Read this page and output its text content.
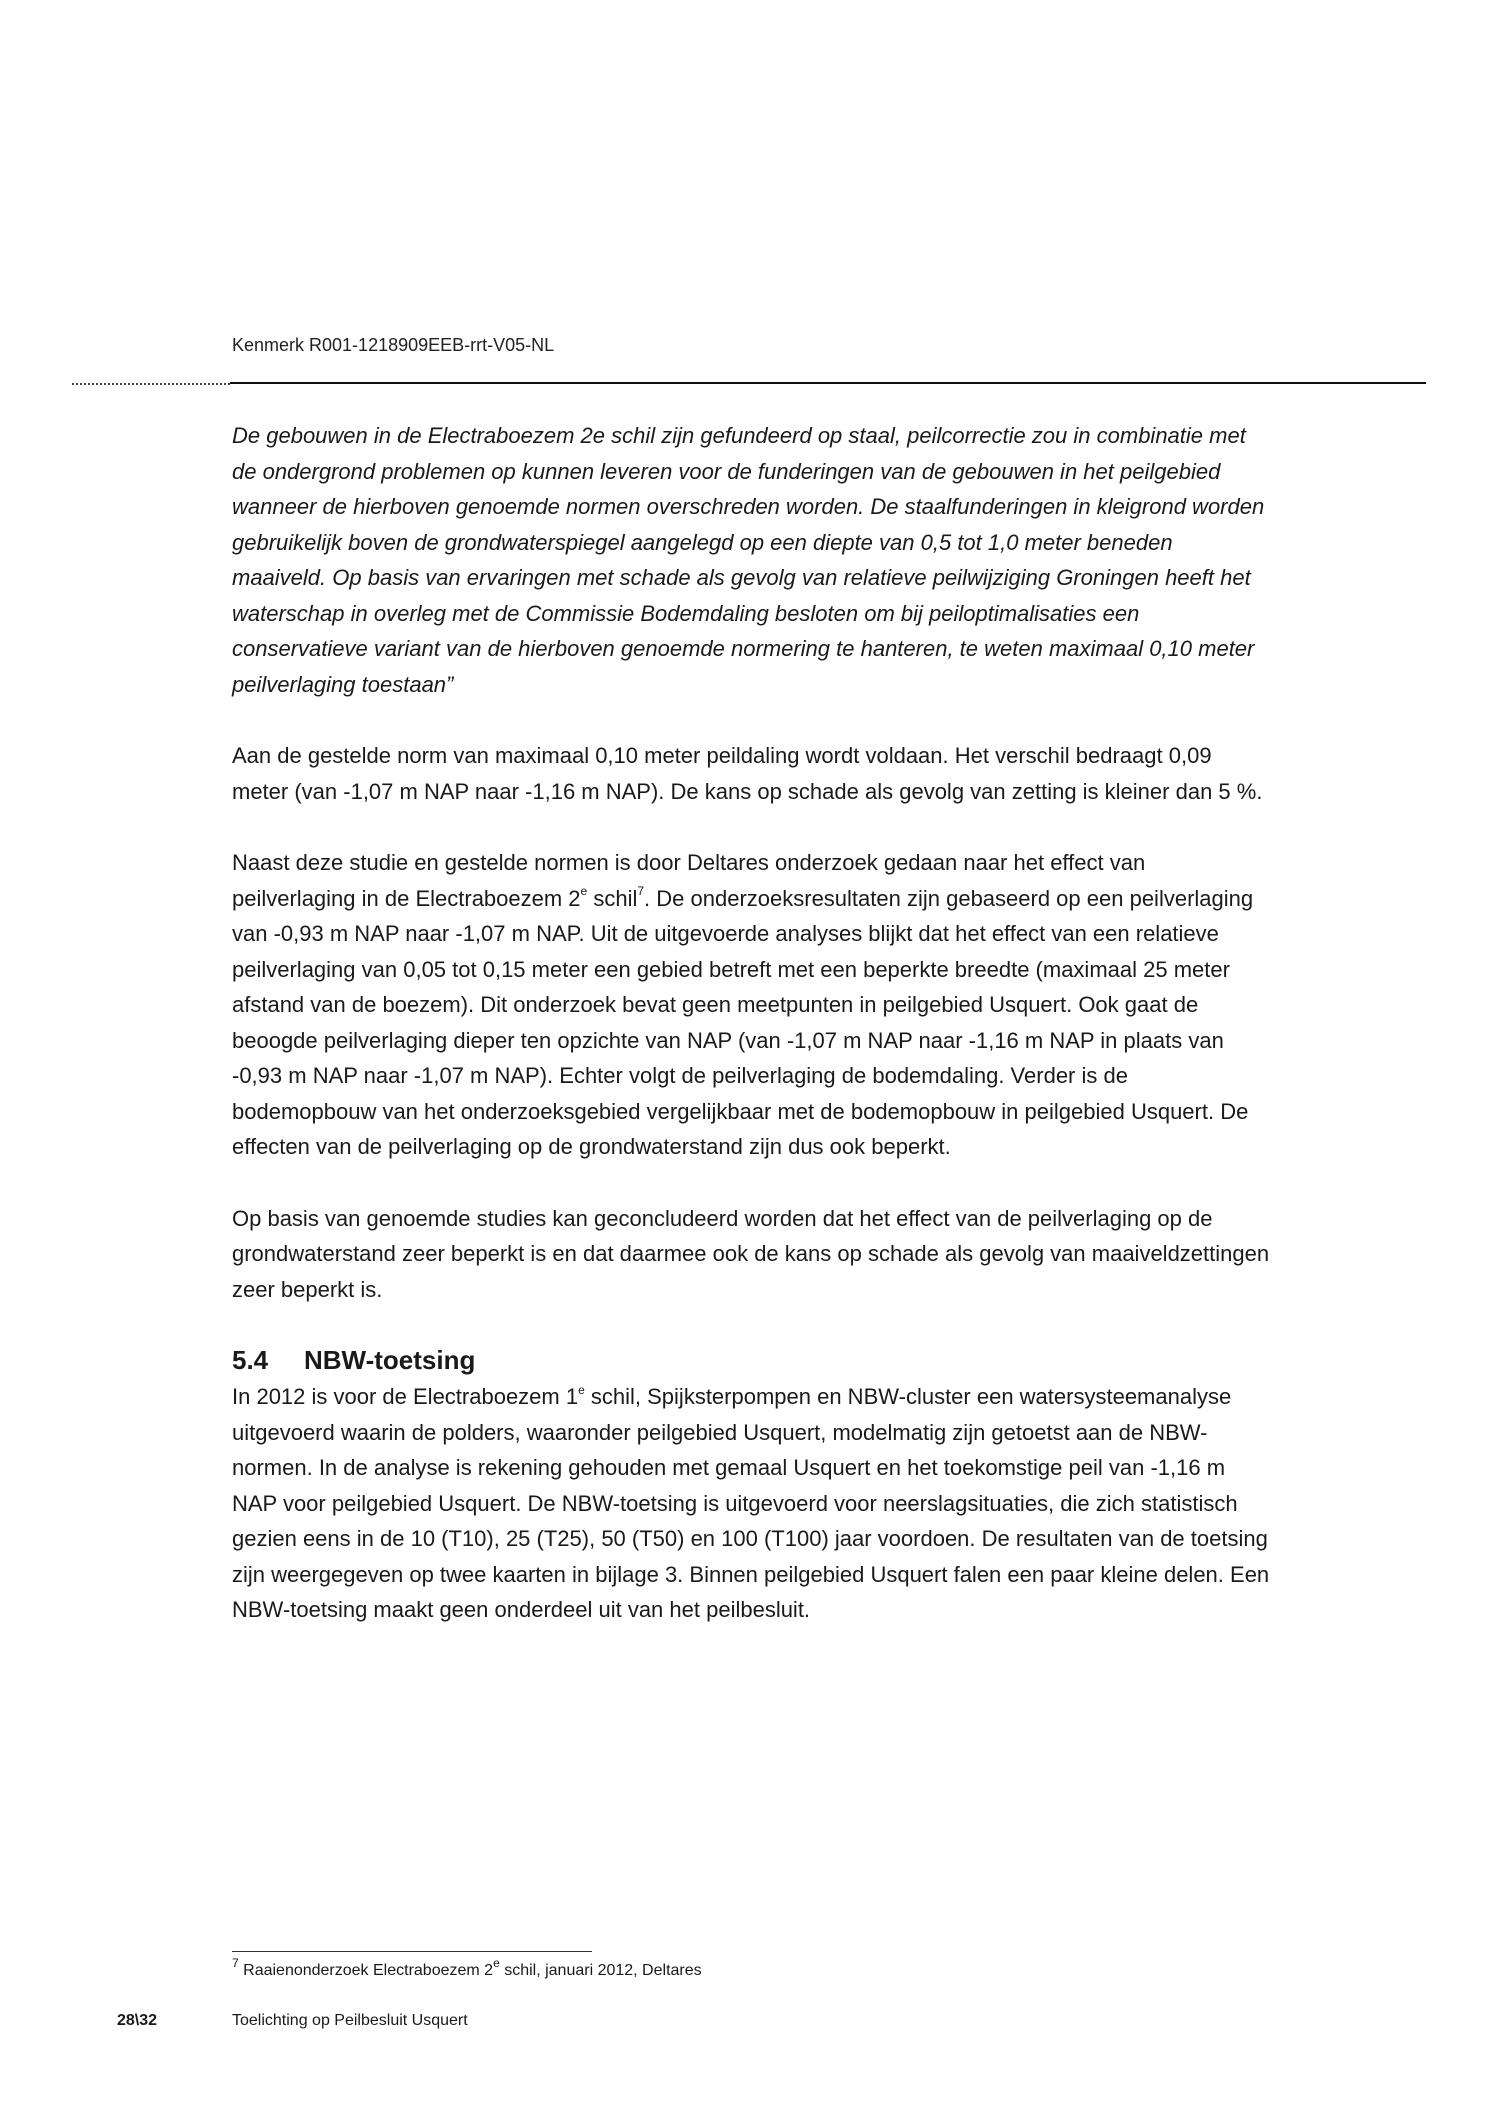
Kenmerk R001-1218909EEB-rrt-V05-NL

De gebouwen in de Electraboezem 2e schil zijn gefundeerd op staal, peilcorrectie zou in combinatie met de ondergrond problemen op kunnen leveren voor de funderingen van de gebouwen in het peilgebied wanneer de hierboven genoemde normen overschreden worden. De staalfunderingen in kleigrond worden gebruikelijk boven de grondwaterspiegel aangelegd op een diepte van 0,5 tot 1,0 meter beneden maaiveld. Op basis van ervaringen met schade als gevolg van relatieve peilwijziging Groningen heeft het waterschap in overleg met de Commissie Bodemdaling besloten om bij peiloptimalisaties een conservatieve variant van de hierboven genoemde normering te hanteren, te weten maximaal 0,10 meter peilverlaging toestaan”

Aan de gestelde norm van maximaal 0,10 meter peildaling wordt voldaan. Het verschil bedraagt 0,09 meter (van -1,07 m NAP naar -1,16 m NAP). De kans op schade als gevolg van zetting is kleiner dan 5 %.

Naast deze studie en gestelde normen is door Deltares onderzoek gedaan naar het effect van peilverlaging in de Electraboezem 2e schil$^7$. De onderzoeksresultaten zijn gebaseerd op een peilverlaging van -0,93 m NAP naar -1,07 m NAP. Uit de uitgevoerde analyses blijkt dat het effect van een relatieve peilverlaging van 0,05 tot 0,15 meter een gebied betreft met een beperkte breedte (maximaal 25 meter afstand van de boezem). Dit onderzoek bevat geen meetpunten in peilgebied Usquert. Ook gaat de beoogde peilverlaging dieper ten opzichte van NAP (van -1,07 m NAP naar -1,16 m NAP in plaats van -0,93 m NAP naar -1,07 m NAP). Echter volgt de peilverlaging de bodemdaling. Verder is de bodemopbouw van het onderzoeksgebied vergelijkbaar met de bodemopbouw in peilgebied Usquert. De effecten van de peilverlaging op de grondwaterstand zijn dus ook beperkt.

Op basis van genoemde studies kan geconcludeerd worden dat het effect van de peilverlaging op de grondwaterstand zeer beperkt is en dat daarmee ook de kans op schade als gevolg van maaiveldzettingen zeer beperkt is.

5.4 NBW-toetsing

In 2012 is voor de Electraboezem 1e schil, Spijksterpompen en NBW-cluster een watersysteemanalyse uitgevoerd waarin de polders, waaronder peilgebied Usquert, modelmatig zijn getoetst aan de NBW-normen. In de analyse is rekening gehouden met gemaal Usquert en het toekomstige peil van -1,16 m NAP voor peilgebied Usquert. De NBW-toetsing is uitgevoerd voor neerslagsituaties, die zich statistisch gezien eens in de 10 (T10), 25 (T25), 50 (T50) en 100 (T100) jaar voordoen. De resultaten van de toetsing zijn weergegeven op twee kaarten in bijlage 3. Binnen peilgebied Usquert falen een paar kleine delen. Een NBW-toetsing maakt geen onderdeel uit van het peilbesluit.

$^7$ Raaienonderzoek Electraboezem 2e schil, januari 2012, Deltares
28\32	Toelichting op Peilbesluit Usquert
